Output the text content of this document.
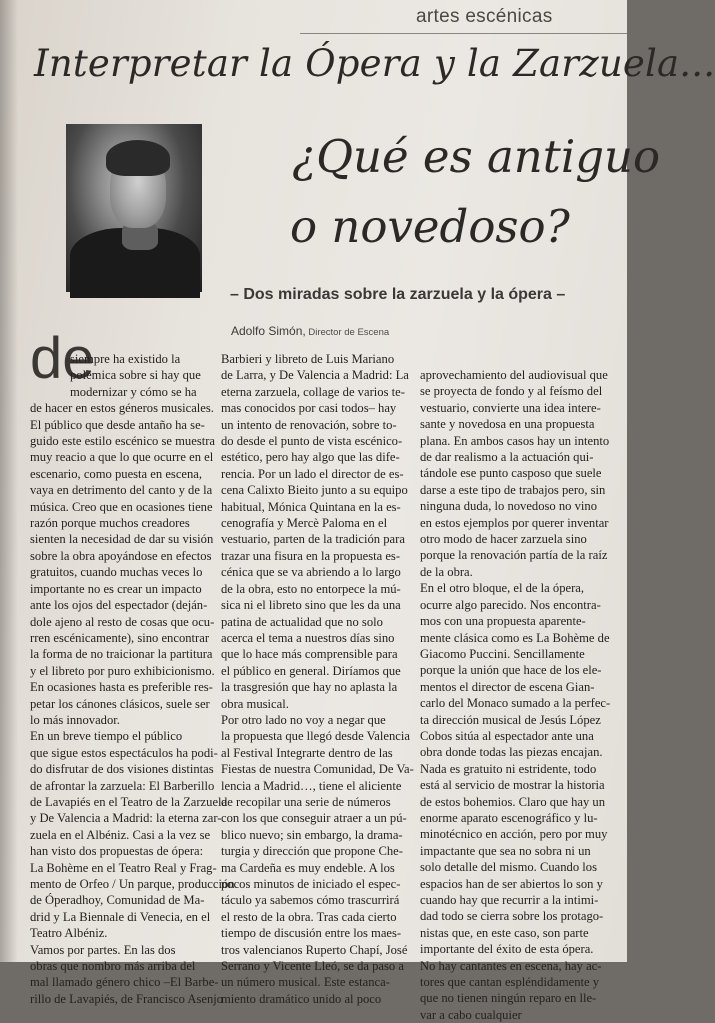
artes escénicas
Interpretar la Ópera y la Zarzuela...
¿Qué es antiguo
o novedoso?
– Dos miradas sobre la zarzuela y la ópera –
Adolfo Simón, Director de Escena
de

siempre ha existido la

polémica sobre si hay que

modernizar y cómo se ha

de hacer en estos géneros musicales.

El público que desde antaño ha se-

guido este estilo escénico se muestra

muy reacio a que lo que ocurre en el

escenario, como puesta en escena,

vaya en detrimento del canto y de la

música. Creo que en ocasiones tiene

razón porque muchos creadores

sienten la necesidad de dar su visión

sobre la obra apoyándose en efectos

gratuitos, cuando muchas veces lo

importante no es crear un impacto

ante los ojos del espectador (deján-

dole ajeno al resto de cosas que ocu-

rren escénicamente), sino encontrar

la forma de no traicionar la partitura

y el libreto por puro exhibicionismo.

En ocasiones hasta es preferible res-

petar los cánones clásicos, suele ser

lo más innovador.

En un breve tiempo el público

que sigue estos espectáculos ha podi-

do disfrutar de dos visiones distintas

de afrontar la zarzuela: El Barberillo

de Lavapiés en el Teatro de la Zarzuela

y De Valencia a Madrid: la eterna zar-

zuela en el Albéniz. Casi a la vez se

han visto dos propuestas de ópera:

La Bohème en el Teatro Real y Frag-

mento de Orfeo / Un parque, producción

de Óperadhoy, Comunidad de Ma-

drid y La Biennale di Venecia, en el

Teatro Albéniz.

Vamos por partes. En las dos

obras que nombro más arriba del

mal llamado género chico –El Barbe-

rillo de Lavapiés, de Francisco Asenjo

Barbieri y libreto de Luis Mariano

de Larra, y De Valencia a Madrid: La

eterna zarzuela, collage de varios te-

mas conocidos por casi todos– hay

un intento de renovación, sobre to-

do desde el punto de vista escénico-

estético, pero hay algo que las dife-

rencia. Por un lado el director de es-

cena Calixto Bieito junto a su equipo

habitual, Mónica Quintana en la es-

cenografía y Mercè Paloma en el

vestuario, parten de la tradición para

trazar una fisura en la propuesta es-

cénica que se va abriendo a lo largo

de la obra, esto no entorpece la mú-

sica ni el libreto sino que les da una

patina de actualidad que no solo

acerca el tema a nuestros días sino

que lo hace más comprensible para

el público en general. Diríamos que

la trasgresión que hay no aplasta la

obra musical.

Por otro lado no voy a negar que

la propuesta que llegó desde Valencia

al Festival Integrarte dentro de las

Fiestas de nuestra Comunidad, De Va-

lencia a Madrid…, tiene el aliciente

de recopilar una serie de números

con los que conseguir atraer a un pú-

blico nuevo; sin embargo, la drama-

turgia y dirección que propone Che-

ma Cardeña es muy endeble. A los

pocos minutos de iniciado el espec-

táculo ya sabemos cómo trascurrirá

el resto de la obra. Tras cada cierto

tiempo de discusión entre los maes-

tros valencianos Ruperto Chapí, José

Serrano y Vicente Lleó, se da paso a

un número musical. Este estanca-

miento dramático unido al poco

aprovechamiento del audiovisual que

se proyecta de fondo y al feísmo del

vestuario, convierte una idea intere-

sante y novedosa en una propuesta

plana. En ambos casos hay un intento

de dar realismo a la actuación qui-

tándole ese punto casposo que suele

darse a este tipo de trabajos pero, sin

ninguna duda, lo novedoso no vino

en estos ejemplos por querer inventar

otro modo de hacer zarzuela sino

porque la renovación partía de la raíz

de la obra.

En el otro bloque, el de la ópera,

ocurre algo parecido. Nos encontra-

mos con una propuesta aparente-

mente clásica como es La Bohème de

Giacomo Puccini. Sencillamente

porque la unión que hace de los ele-

mentos el director de escena Gian-

carlo del Monaco sumado a la perfec-

ta dirección musical de Jesús López

Cobos sitúa al espectador ante una

obra donde todas las piezas encajan.

Nada es gratuito ni estridente, todo

está al servicio de mostrar la historia

de estos bohemios. Claro que hay un

enorme aparato escenográfico y lu-

minotécnico en acción, pero por muy

impactante que sea no sobra ni un

solo detalle del mismo. Cuando los

espacios han de ser abiertos lo son y

cuando hay que recurrir a la intimi-

dad todo se cierra sobre los protago-

nistas que, en este caso, son parte

importante del éxito de esta ópera.

No hay cantantes en escena, hay ac-

tores que cantan espléndidamente y

que no tienen ningún reparo en lle-

var a cabo cualquier
